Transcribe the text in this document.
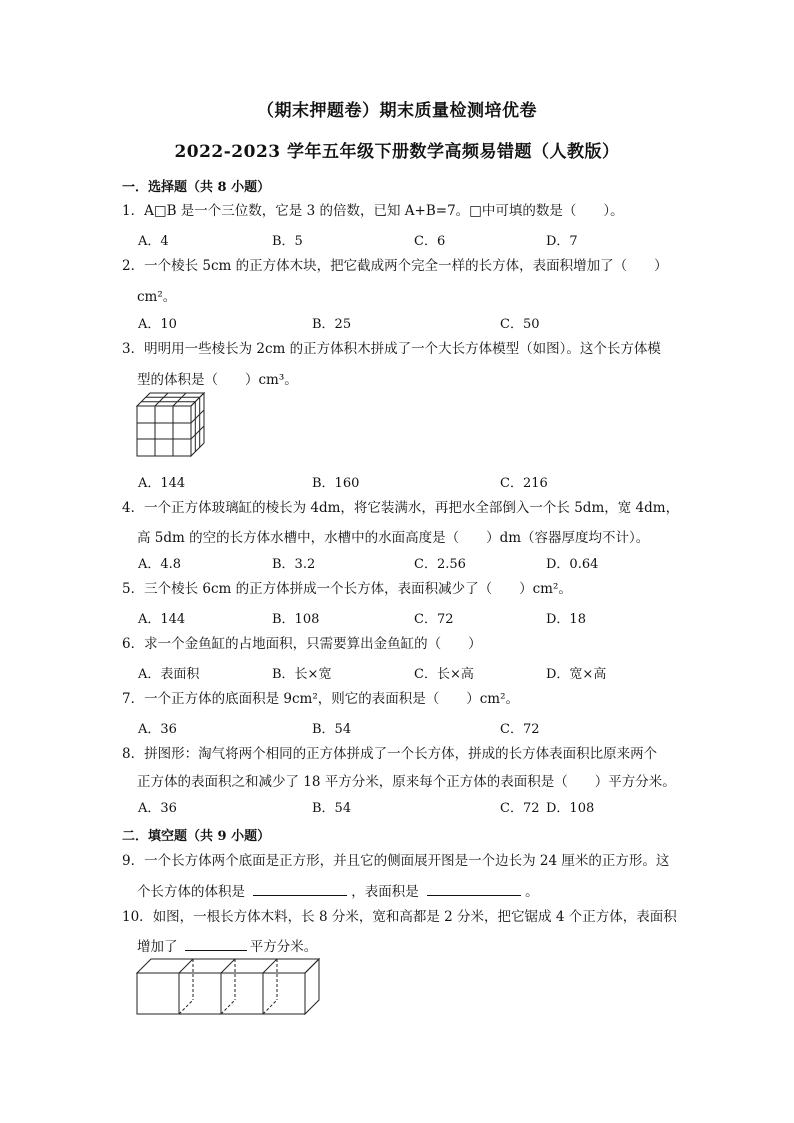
（期末押题卷）期末质量检测培优卷
2022-2023 学年五年级下册数学高频易错题（人教版）
一．选择题（共 8 小题）
1．A□B 是一个三位数，它是 3 的倍数，已知 A+B=7。□中可填的数是（　　）。
A．4	B．5	C．6	D．7
2．一个棱长 5cm 的正方体木块，把它截成两个完全一样的长方体，表面积增加了（　　）
cm²。
A．10	B．25	C．50
3．明明用一些棱长为 2cm 的正方体积木拼成了一个大长方体模型（如图）。这个长方体模
型的体积是（　　）cm³。
A．144	B．160	C．216
4．一个正方体玻璃缸的棱长为 4dm，将它装满水，再把水全部倒入一个长 5dm，宽 4dm，
高 5dm 的空的长方体水槽中，水槽中的水面高度是（　　）dm（容器厚度均不计）。
A．4.8	B．3.2	C．2.56	D．0.64
5．三个棱长 6cm 的正方体拼成一个长方体，表面积减少了（　　）cm²。
A．144	B．108	C．72	D．18
6．求一个金鱼缸的占地面积，只需要算出金鱼缸的（　　）
A．表面积	B．长×宽	C．长×高	D．宽×高
7．一个正方体的底面积是 9cm²，则它的表面积是（　　）cm²。
A．36	B．54	C．72
8．拼图形：淘气将两个相同的正方体拼成了一个长方体，拼成的长方体表面积比原来两个
正方体的表面积之和减少了 18 平方分米，原来每个正方体的表面积是（　　）平方分米。
A．36	B．54	C．72 D．108
二．填空题（共 9 小题）
9．一个长方体两个底面是正方形，并且它的侧面展开图是一个边长为 24 厘米的正方形。这
个长方体的体积是	，表面积是	。
10．如图，一根长方体木料，长 8 分米，宽和高都是 2 分米，把它锯成 4 个正方体，表面积
增加了	平方分米。
